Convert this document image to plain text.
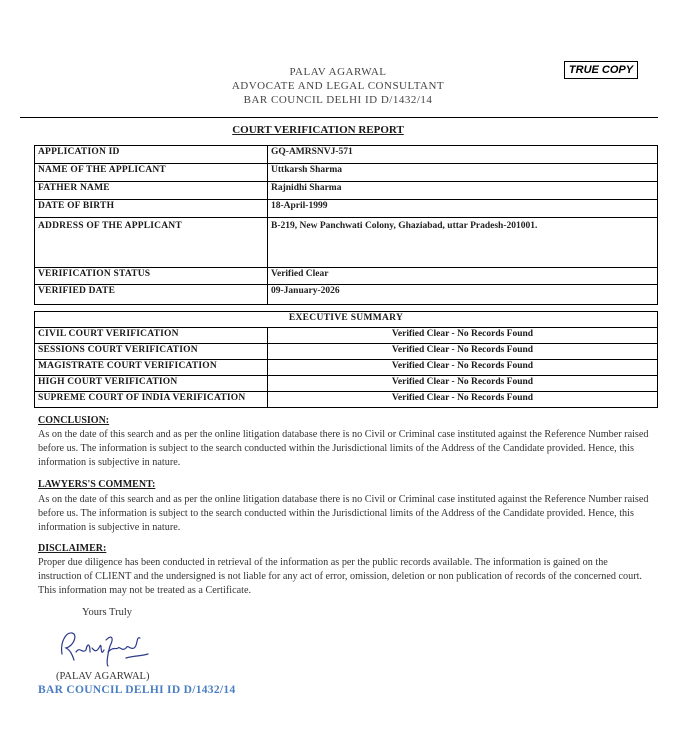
PALAV AGARWAL
ADVOCATE AND LEGAL CONSULTANT
BAR COUNCIL DELHI ID D/1432/14
TRUE COPY
COURT VERIFICATION REPORT
APPLICATION ID	GQ-AMRSNVJ-571
NAME OF THE APPLICANT	Uttkarsh Sharma
FATHER NAME	Rajnidhi Sharma
DATE OF BIRTH	18-April-1999
ADDRESS OF THE APPLICANT	B-219, New Panchwati Colony, Ghaziabad, uttar Pradesh-201001.
VERIFICATION STATUS	Verified Clear
VERIFIED DATE	09-January-2026
EXECUTIVE SUMMARY	
CIVIL COURT VERIFICATION	Verified Clear - No Records Found
SESSIONS COURT VERIFICATION	Verified Clear - No Records Found
MAGISTRATE COURT VERIFICATION	Verified Clear - No Records Found
HIGH COURT VERIFICATION	Verified Clear - No Records Found
SUPREME COURT OF INDIA VERIFICATION	Verified Clear - No Records Found
CONCLUSION:
As on the date of this search and as per the online litigation database there is no Civil or Criminal case instituted against the Reference Number raised before us. The information is subject to the search conducted within the Jurisdictional limits of the Address of the Candidate provided. Hence, this information is subjective in nature.
LAWYERS'S COMMENT:
As on the date of this search and as per the online litigation database there is no Civil or Criminal case instituted against the Reference Number raised before us. The information is subject to the search conducted within the Jurisdictional limits of the Address of the Candidate provided. Hence, this information is subjective in nature.
DISCLAIMER:
Proper due diligence has been conducted in retrieval of the information as per the public records available. The information is gained on the instruction of CLIENT and the undersigned is not liable for any act of error, omission, deletion or non publication of records of the concerned court. This information may not be treated as a Certificate.
Yours Truly
(PALAV AGARWAL)
BAR COUNCIL DELHI ID D/1432/14
